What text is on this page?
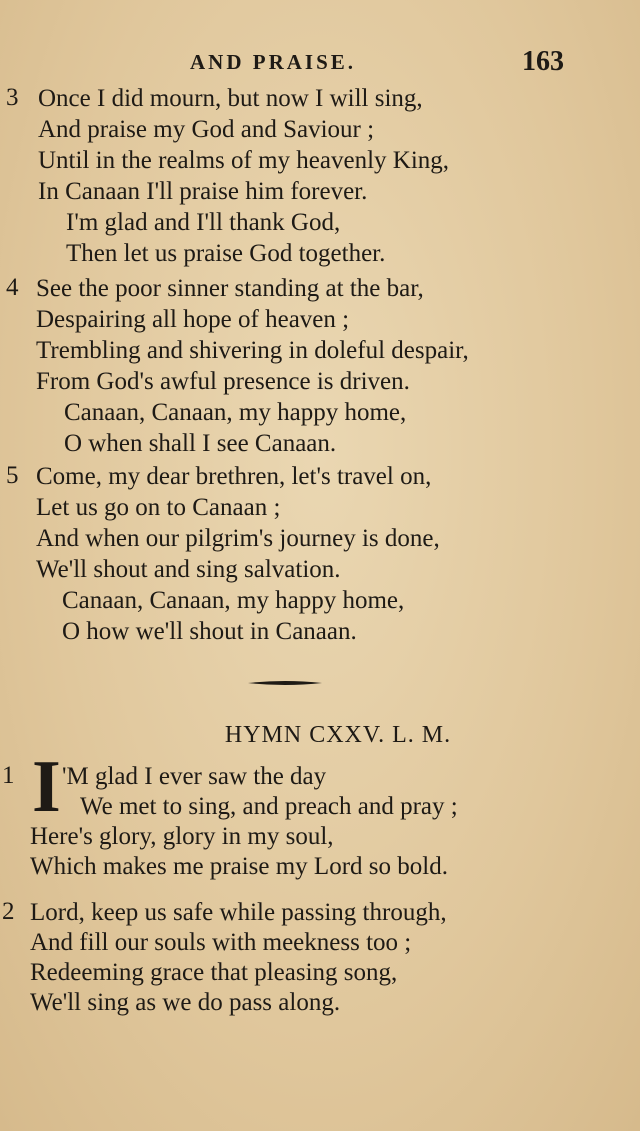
AND PRAISE.	163
3 Once I did mourn, but now I will sing,
And praise my God and Saviour ;
Until in the realms of my heavenly King,
In Canaan I'll praise him forever.
I'm glad and I'll thank God,
Then let us praise God together.
4 See the poor sinner standing at the bar,
Despairing all hope of heaven ;
Trembling and shivering in doleful despair,
From God's awful presence is driven.
Canaan, Canaan, my happy home,
O when shall I see Canaan.
5 Come, my dear brethren, let's travel on,
Let us go on to Canaan ;
And when our pilgrim's journey is done,
We'll shout and sing salvation.
Canaan, Canaan, my happy home,
O how we'll shout in Canaan.
HYMN CXXV. L. M.
1 'M glad I ever saw the day
We met to sing, and preach and pray ;
Here's glory, glory in my soul,
Which makes me praise my Lord so bold.
I
2 Lord, keep us safe while passing through,
And fill our souls with meekness too ;
Redeeming grace that pleasing song,
We'll sing as we do pass along.
